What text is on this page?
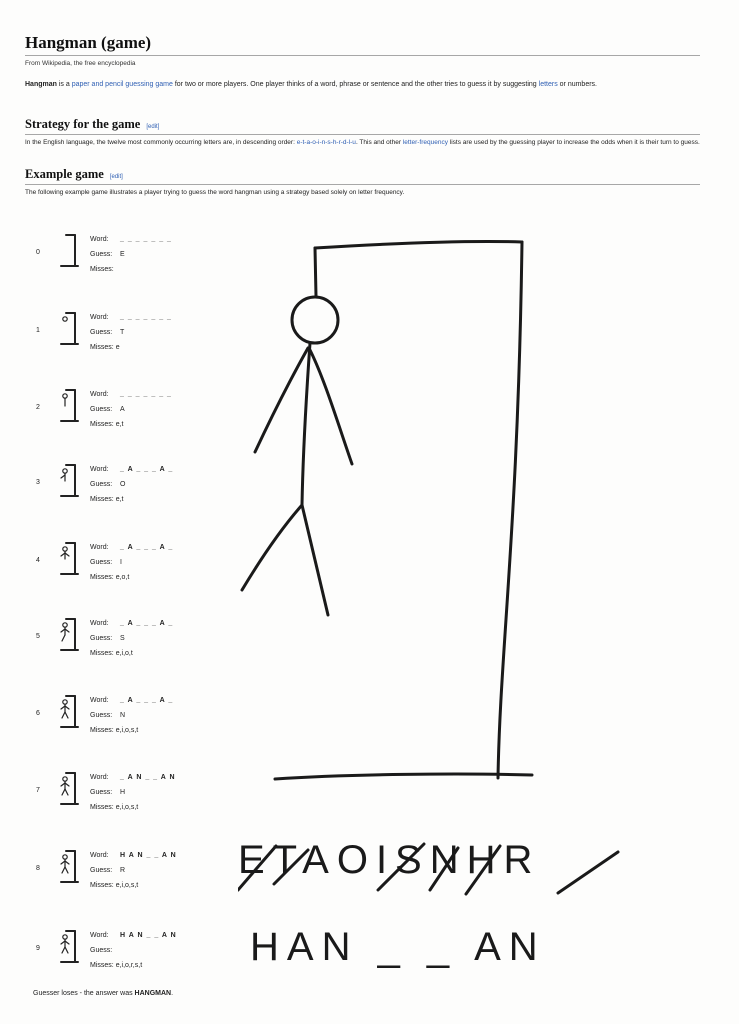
Hangman (game)
From Wikipedia, the free encyclopedia
Hangman is a paper and pencil guessing game for two or more players. One player thinks of a word, phrase or sentence and the other tries to guess it by suggesting letters or numbers.
Strategy for the game [edit]
In the English language, the twelve most commonly occurring letters are, in descending order: e-t-a-o-i-n-s-h-r-d-l-u. This and other letter-frequency lists are used by the guessing player to increase the odds when it is their turn to guess.
Example game [edit]
The following example game illustrates a player trying to guess the word hangman using a strategy based solely on letter frequency.
0
Word: _ _ _ _ _ _ _
Guess: E
Misses:
1
Word: _ _ _ _ _ _ _
Guess: T
Misses: e
2
Word: _ _ _ _ _ _ _
Guess: A
Misses: e,t
3
Word: _ A _ _ _ A _
Guess: O
Misses: e,t
4
Word: _ A _ _ _ A _
Guess: I
Misses: e,o,t
5
Word: _ A _ _ _ A _
Guess: S
Misses: e,i,o,t
6
Word: _ A _ _ _ A _
Guess: N
Misses: e,i,o,s,t
7
Word: _ A N _ _ A N
Guess: H
Misses: e,i,o,s,t
8
Word: H A N _ _ A N
Guess: R
Misses: e,i,o,s,t
9
Word: H A N _ _ A N
Guess:
Misses: e,i,o,r,s,t
Guesser loses - the answer was HANGMAN.
ETAOISNHR
HAN _ _ AN
